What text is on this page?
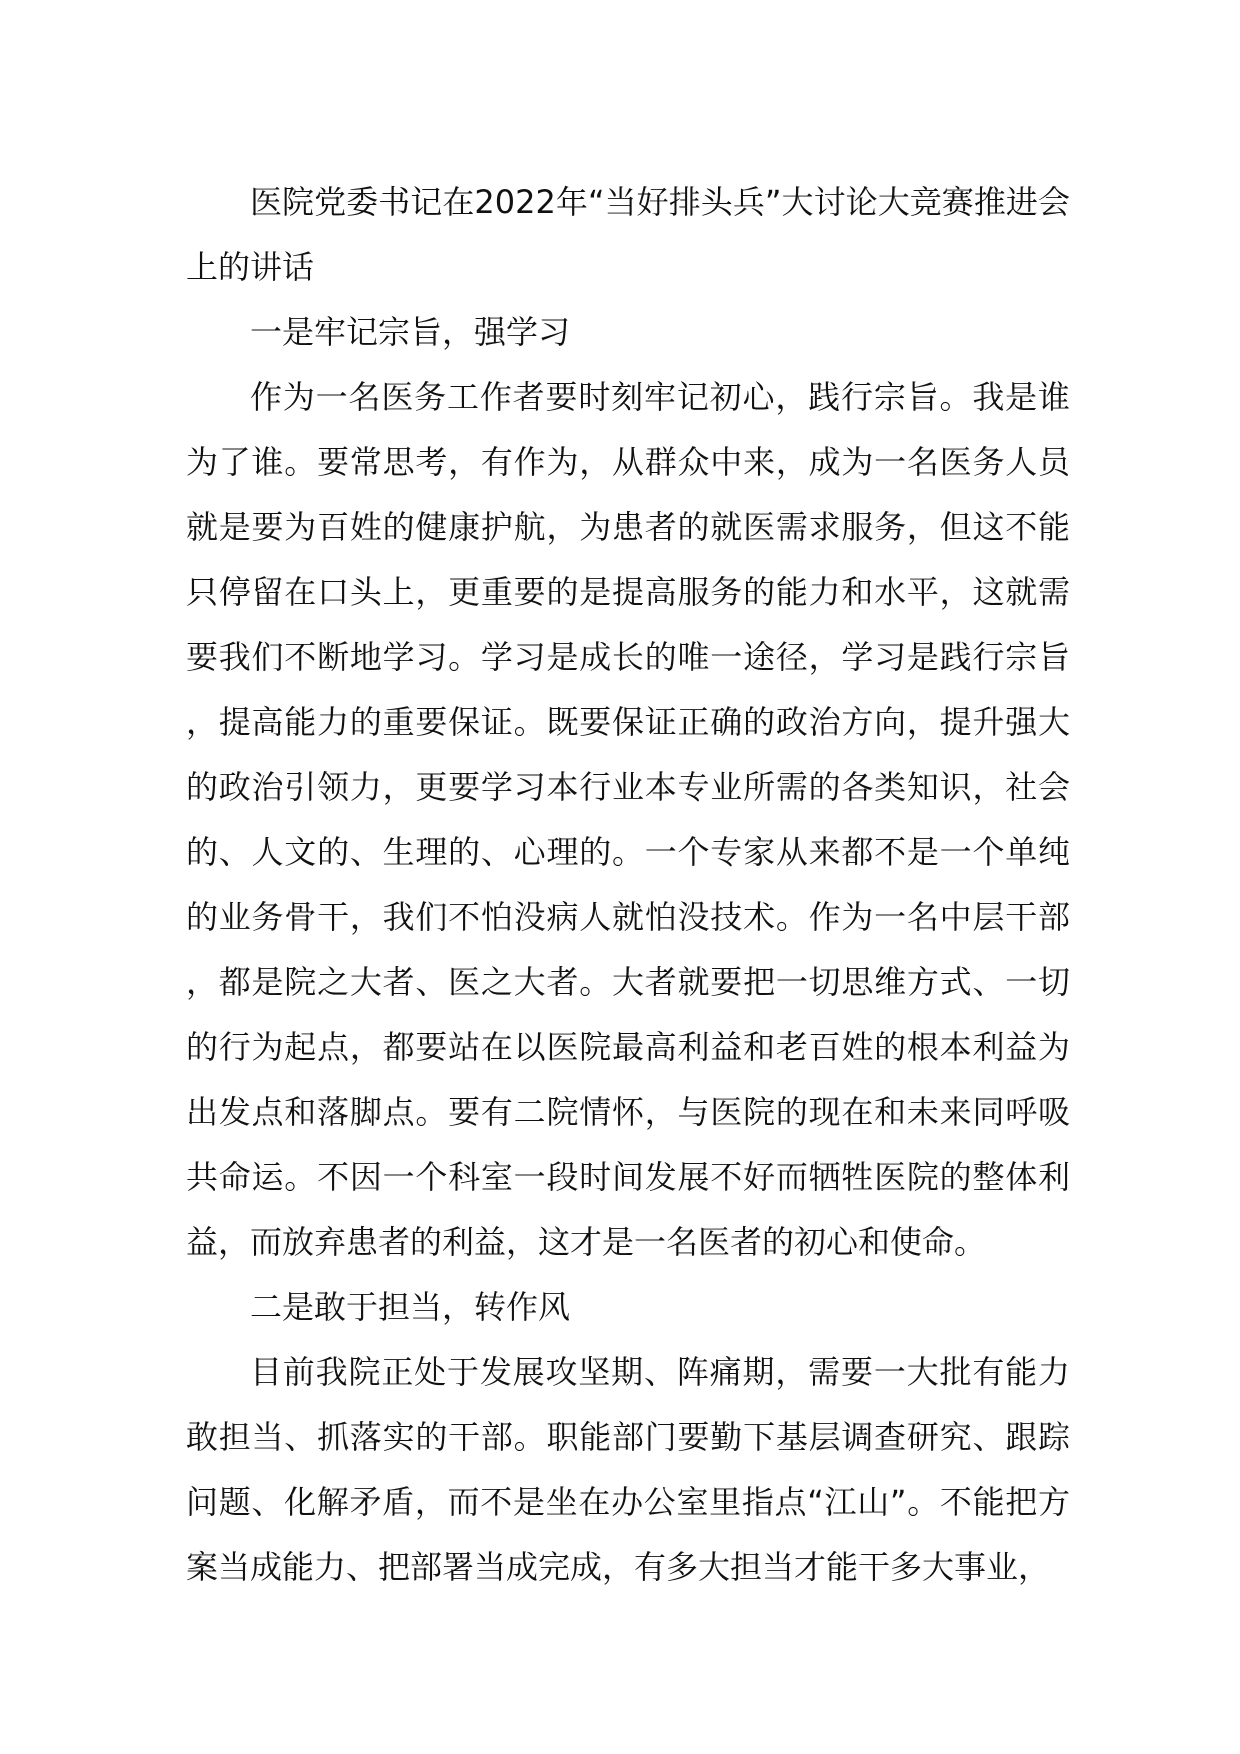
医院党委书记在2022年“当好排头兵”大讨论大竞赛推进会上的讲话

一是牢记宗旨，强学习

作为一名医务工作者要时刻牢记初心，践行宗旨。我是谁为了谁。要常思考，有作为，从群众中来，成为一名医务人员就是要为百姓的健康护航，为患者的就医需求服务，但这不能只停留在口头上，更重要的是提高服务的能力和水平，这就需要我们不断地学习。学习是成长的唯一途径，学习是践行宗旨，提高能力的重要保证。既要保证正确的政治方向，提升强大的政治引领力，更要学习本行业本专业所需的各类知识，社会的、人文的、生理的、心理的。一个专家从来都不是一个单纯的业务骨干，我们不怕没病人就怕没技术。作为一名中层干部，都是院之大者、医之大者。大者就要把一切思维方式、一切的行为起点，都要站在以医院最高利益和老百姓的根本利益为出发点和落脚点。要有二院情怀，与医院的现在和未来同呼吸共命运。不因一个科室一段时间发展不好而牺牲医院的整体利益，而放弃患者的利益，这才是一名医者的初心和使命。

二是敢于担当，转作风

目前我院正处于发展攻坚期、阵痛期，需要一大批有能力敢担当、抓落实的干部。职能部门要勤下基层调查研究、跟踪问题、化解矛盾，而不是坐在办公室里指点“江山”。不能把方案当成能力、把部署当成完成，有多大担当才能干多大事业，
